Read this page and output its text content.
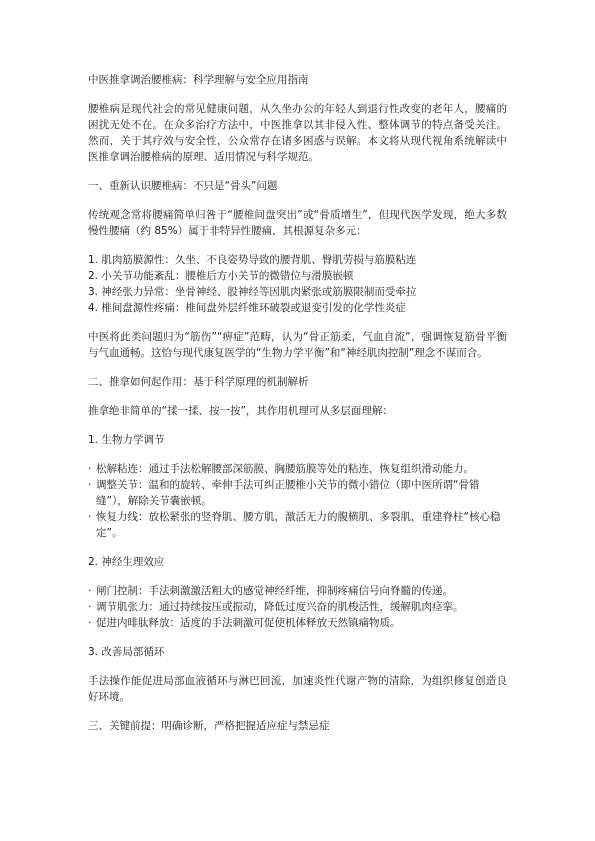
中医推拿调治腰椎病：科学理解与安全应用指南

腰椎病是现代社会的常见健康问题，从久坐办公的年轻人到退行性改变的老年人，腰痛的困扰无处不在。在众多治疗方法中，中医推拿以其非侵入性、整体调节的特点备受关注。然而，关于其疗效与安全性，公众常存在诸多困惑与误解。本文将从现代视角系统解读中医推拿调治腰椎病的原理、适用情况与科学规范。

一、重新认识腰椎病：不只是“骨头”问题

传统观念常将腰痛简单归咎于“腰椎间盘突出”或“骨质增生”，但现代医学发现，绝大多数慢性腰痛（约 85%）属于非特异性腰痛，其根源复杂多元：

1. 肌肉筋膜源性：久坐、不良姿势导致的腰背肌、臀肌劳损与筋膜粘连
2. 小关节功能紊乱：腰椎后方小关节的微错位与滑膜嵌顿
3. 神经张力异常：坐骨神经、股神经等因肌肉紧张或筋膜限制而受牵拉
4. 椎间盘源性疼痛：椎间盘外层纤维环破裂或退变引发的化学性炎症

中医将此类问题归为“筋伤”“痹症”范畴，认为“骨正筋柔，气血自流”，强调恢复筋骨平衡与气血通畅。这恰与现代康复医学的“生物力学平衡”和“神经肌肉控制”理念不谋而合。

二、推拿如何起作用：基于科学原理的机制解析

推拿绝非简单的“揉一揉、按一按”，其作用机理可从多层面理解：

1. 生物力学调节

· 松解粘连：通过手法松解腰部深筋膜、胸腰筋膜等处的粘连，恢复组织滑动能力。
· 调整关节：温和的旋转、牵伸手法可纠正腰椎小关节的微小错位（即中医所谓“骨错缝”），解除关节囊嵌顿。
· 恢复力线：放松紧张的竖脊肌、腰方肌，激活无力的腹横肌、多裂肌，重建脊柱“核心稳定”。

2. 神经生理效应

· 闸门控制：手法刺激激活粗大的感觉神经纤维，抑制疼痛信号向脊髓的传递。
· 调节肌张力：通过持续按压或振动，降低过度兴奋的肌梭活性，缓解肌肉痉挛。
· 促进内啡肽释放：适度的手法刺激可促使机体释放天然镇痛物质。

3. 改善局部循环

手法操作能促进局部血液循环与淋巴回流，加速炎性代谢产物的清除，为组织修复创造良好环境。

三、关键前提：明确诊断，严格把握适应症与禁忌症
